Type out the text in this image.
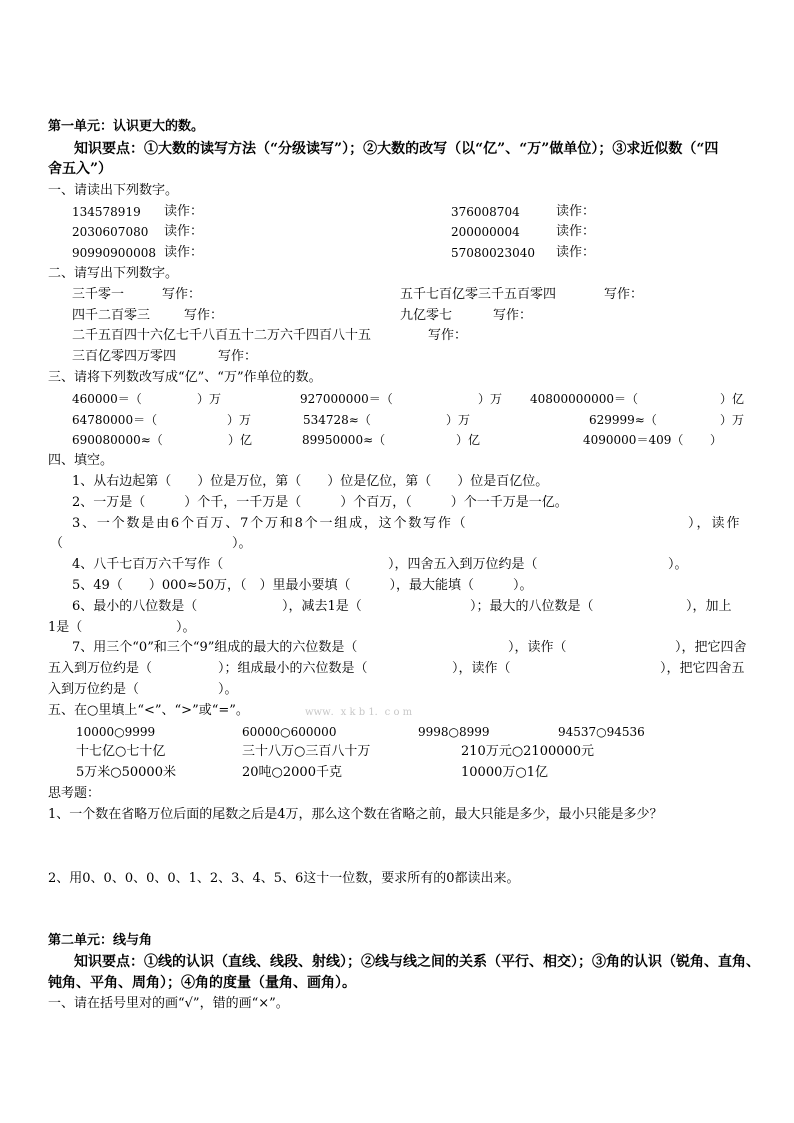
第一单元：认识更大的数。
知识要点：①大数的读写方法（“分级读写”）；②大数的改写（以“亿”、“万”做单位）；③求近似数（“四
舍五入”）
一、请读出下列数字。
134578919 读作：	376008704	读作：
2030607080 读作：	200000004	读作：
90990900008 读作：	57080023040 读作：
二、请写出下列数字。
三千零一	写作：	五千七百亿零三千五百零四	写作：
四千二百零三	写作：	九亿零七	写作：
二千五百四十六亿七千八百五十二万六千四百八十五	写作：
三百亿零四万零四	写作：
三、请将下列数改写成“亿”、“万”作单位的数。
460000＝（	）万	927000000＝（	）万 40800000000＝（	）亿
64780000＝（	）万	534728≈（	）万	629999≈（	）万
690080000≈（	）亿	89950000≈（	）亿	4090000＝409（ ）
四、填空。
1、从右边起第（　　）位是万位，第（　　）位是亿位，第（　　）位是百亿位。
2、一万是（　　　）个千，一千万是（　　　）个百万，（　　　）个一千万是一亿。
3、一个数是由6个百万、7个万和8个一组成，这个数写作（	），读作
（	）。
4、八千七百万六千写作（	），四舍五入到万位约是（	）。
5、49（　　）000≈50万，（　）里最小要填（　　　），最大能填（　　　）。
6、最小的八位数是（	），减去1是（	）；最大的八位数是（	），加上
1是（	）。
7、用三个“0”和三个“9”组成的最大的六位数是（	），读作（	），把它四舍
五入到万位约是（	）；组成最小的六位数是（	），读作（	），把它四舍五
入到万位约是（	）。
五、在○里填上“<”、“>”或“=”。	www．x k b 1．c o m
10000○9999	60000○600000	9998○8999	94537○94536
十七亿○七十亿	三十八万○三百八十万	210万元○2100000元
5万米○50000米	20吨○2000千克	10000万○1亿
思考题：
1、一个数在省略万位后面的尾数之后是4万，那么这个数在省略之前，最大只能是多少，最小只能是多少？
2、用0、0、0、0、0、1、2、3、4、5、6这十一位数，要求所有的0都读出来。
第二单元：线与角
知识要点：①线的认识（直线、线段、射线）；②线与线之间的关系（平行、相交）；③角的认识（锐角、直角、
钝角、平角、周角）；④角的度量（量角、画角）。
一、请在括号里对的画“√”，错的画“×”。
